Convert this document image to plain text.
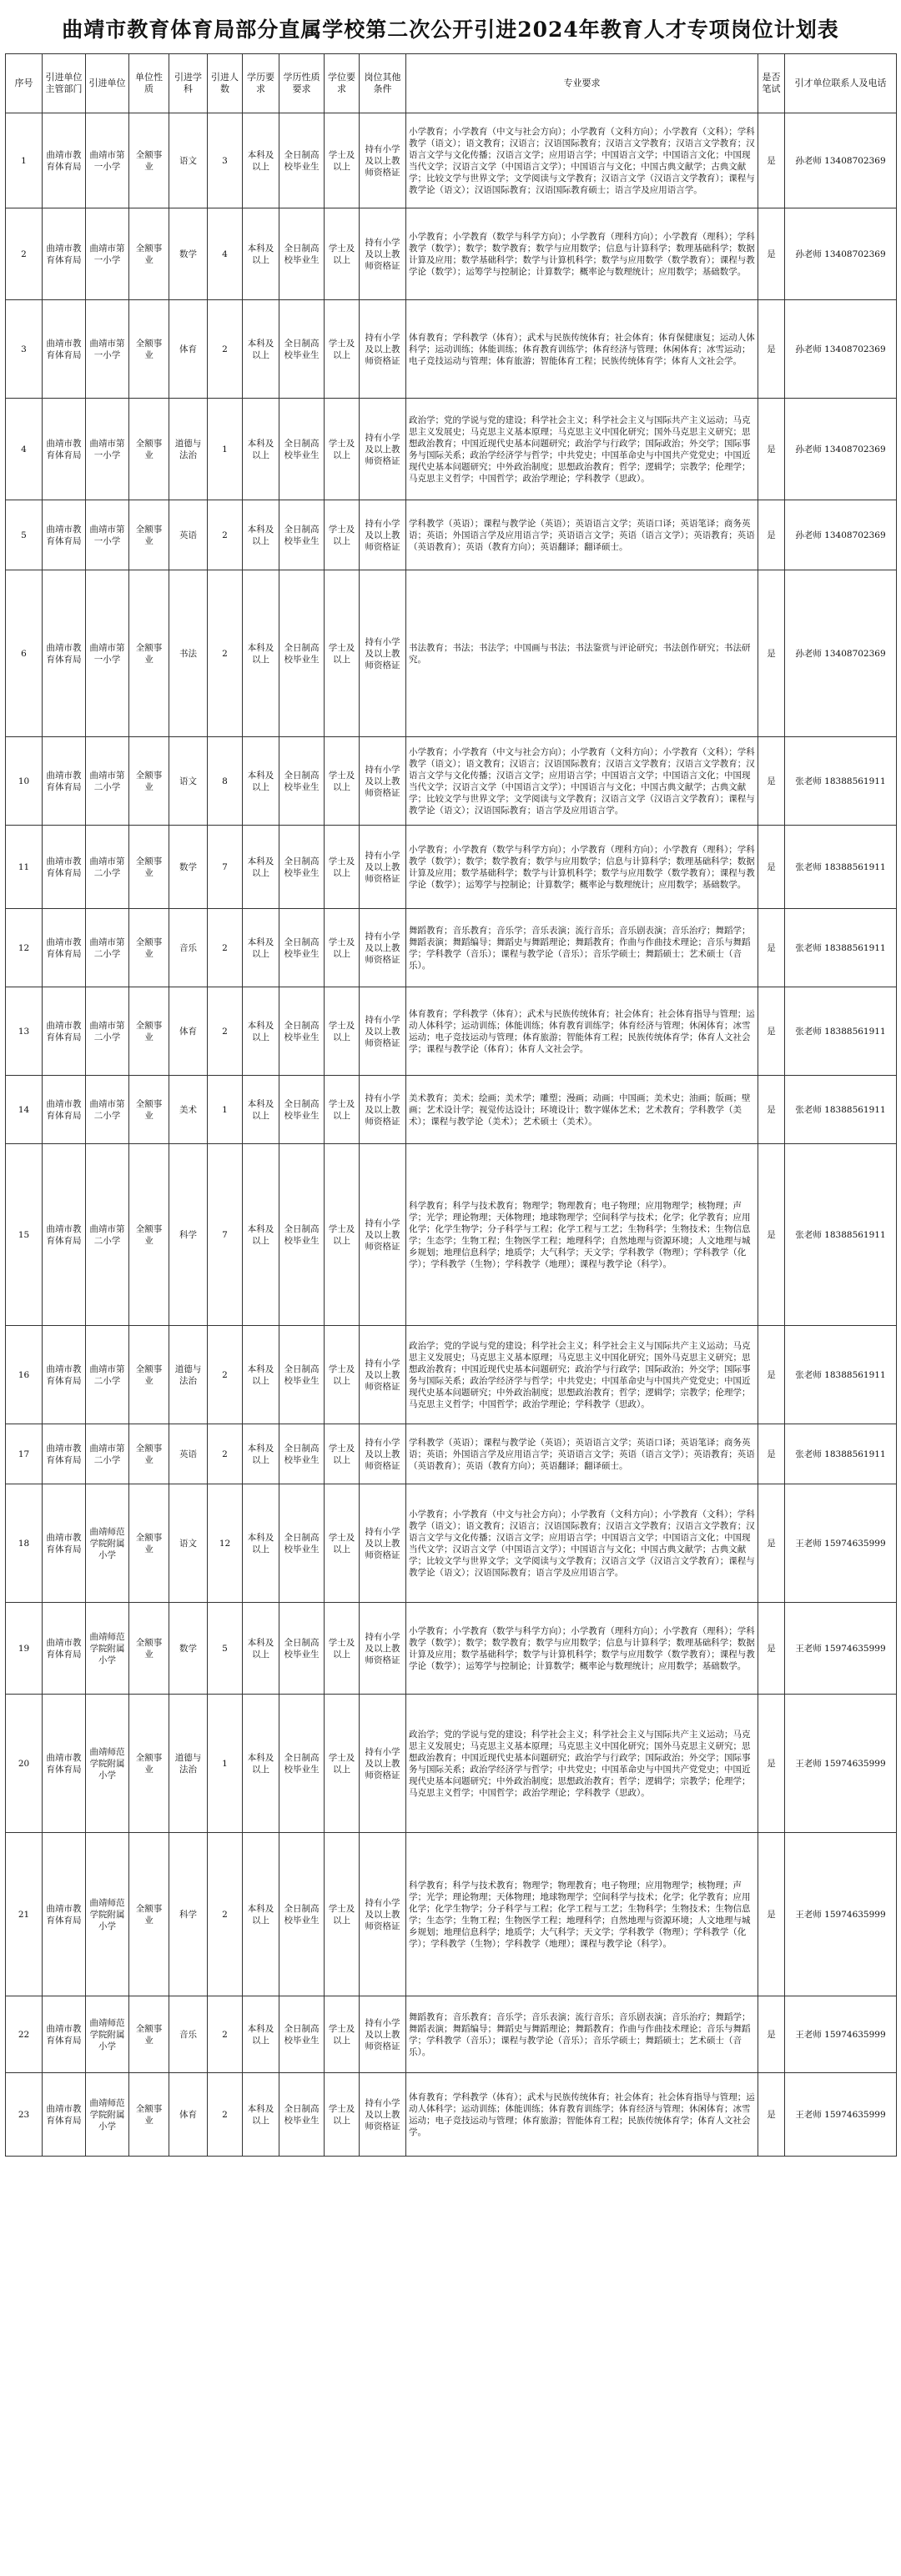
曲靖市教育体育局部分直属学校第二次公开引进2024年教育人才专项岗位计划表
序号	引进单位主管部门	引进单位	单位性质	引进学科	引进人数	学历要求	学历性质要求	学位要求	岗位其他条件	专业要求	是否笔试	引才单位联系人及电话
1	曲靖市教育体育局	曲靖市第一小学	全额事业	语文	3	本科及以上	全日制高校毕业生	学士及以上	持有小学及以上教师资格证	小学教育；小学教育（中文与社会方向）；小学教育（文科方向）；小学教育（文科）；学科教学（语文）；语文教育；汉语言；汉语国际教育；汉语言文学教育；汉语言文学教育；汉语言文学与文化传播；汉语言文学；应用语言学；中国语言文学；中国语言文化；中国现当代文学；汉语言文学（中国语言文学）；中国语言与文化；中国古典文献学；古典文献学；比较文学与世界文学；文学阅读与文学教育；汉语言文学（汉语言文学教育）；课程与教学论（语文）；汉语国际教育；汉语国际教育硕士；语言学及应用语言学。	是	孙老师 13408702369
2	曲靖市教育体育局	曲靖市第一小学	全额事业	数学	4	本科及以上	全日制高校毕业生	学士及以上	持有小学及以上教师资格证	小学教育；小学教育（数学与科学方向）；小学教育（理科方向）；小学教育（理科）；学科教学（数学）；数学；数学教育；数学与应用数学；信息与计算科学；数理基础科学；数据计算及应用；数学基础科学；数学与计算机科学；数学与应用数学（数学教育）；课程与教学论（数学）；运筹学与控制论；计算数学；概率论与数理统计；应用数学；基础数学。	是	孙老师 13408702369
3	曲靖市教育体育局	曲靖市第一小学	全额事业	体育	2	本科及以上	全日制高校毕业生	学士及以上	持有小学及以上教师资格证	体育教育；学科教学（体育）；武术与民族传统体育；社会体育；体育保健康复；运动人体科学；运动训练；体能训练；体育教育训练学；体育经济与管理；休闲体育；冰雪运动；电子竞技运动与管理；体育旅游；智能体育工程；民族传统体育学；体育人文社会学。	是	孙老师 13408702369
4	曲靖市教育体育局	曲靖市第一小学	全额事业	道德与法治	1	本科及以上	全日制高校毕业生	学士及以上	持有小学及以上教师资格证	政治学；党的学说与党的建设；科学社会主义；科学社会主义与国际共产主义运动；马克思主义发展史；马克思主义基本原理；马克思主义中国化研究；国外马克思主义研究；思想政治教育；中国近现代史基本问题研究；政治学与行政学；国际政治；外交学；国际事务与国际关系；政治学经济学与哲学；中共党史；中国革命史与中国共产党党史；中国近现代史基本问题研究；中外政治制度；思想政治教育；哲学；逻辑学；宗教学；伦理学；马克思主义哲学；中国哲学；政治学理论；学科教学（思政）。	是	孙老师 13408702369
5	曲靖市教育体育局	曲靖市第一小学	全额事业	英语	2	本科及以上	全日制高校毕业生	学士及以上	持有小学及以上教师资格证	学科教学（英语）；课程与教学论（英语）；英语语言文学；英语口译；英语笔译；商务英语；英语；外国语言学及应用语言学；英语语言文学；英语（语言文学）；英语教育；英语（英语教育）；英语（教育方向）；英语翻译；翻译硕士。	是	孙老师 13408702369
6	曲靖市教育体育局	曲靖市第一小学	全额事业	书法	2	本科及以上	全日制高校毕业生	学士及以上	持有小学及以上教师资格证	书法教育；书法；书法学；中国画与书法；书法鉴赏与评论研究；书法创作研究；书法研究。	是	孙老师 13408702369
10	曲靖市教育体育局	曲靖市第二小学	全额事业	语文	8	本科及以上	全日制高校毕业生	学士及以上	持有小学及以上教师资格证	小学教育；小学教育（中文与社会方向）；小学教育（文科方向）；小学教育（文科）；学科教学（语文）；语文教育；汉语言；汉语国际教育；汉语言文学教育；汉语言文学教育；汉语言文学与文化传播；汉语言文学；应用语言学；中国语言文学；中国语言文化；中国现当代文学；汉语言文学（中国语言文学）；中国语言与文化；中国古典文献学；古典文献学；比较文学与世界文学；文学阅读与文学教育；汉语言文学（汉语言文学教育）；课程与教学论（语文）；汉语国际教育；语言学及应用语言学。	是	张老师 18388561911
11	曲靖市教育体育局	曲靖市第二小学	全额事业	数学	7	本科及以上	全日制高校毕业生	学士及以上	持有小学及以上教师资格证	小学教育；小学教育（数学与科学方向）；小学教育（理科方向）；小学教育（理科）；学科教学（数学）；数学；数学教育；数学与应用数学；信息与计算科学；数理基础科学；数据计算及应用；数学基础科学；数学与计算机科学；数学与应用数学（数学教育）；课程与教学论（数学）；运筹学与控制论；计算数学；概率论与数理统计；应用数学；基础数学。	是	张老师 18388561911
12	曲靖市教育体育局	曲靖市第二小学	全额事业	音乐	2	本科及以上	全日制高校毕业生	学士及以上	持有小学及以上教师资格证	舞蹈教育；音乐教育；音乐学；音乐表演；流行音乐；音乐剧表演；音乐治疗；舞蹈学；舞蹈表演；舞蹈编导；舞蹈史与舞蹈理论；舞蹈教育；作曲与作曲技术理论；音乐与舞蹈学；学科教学（音乐）；课程与教学论（音乐）；音乐学硕士；舞蹈硕士；艺术硕士（音乐）。	是	张老师 18388561911
13	曲靖市教育体育局	曲靖市第二小学	全额事业	体育	2	本科及以上	全日制高校毕业生	学士及以上	持有小学及以上教师资格证	体育教育；学科教学（体育）；武术与民族传统体育；社会体育；社会体育指导与管理；运动人体科学；运动训练；体能训练；体育教育训练学；体育经济与管理；休闲体育；冰雪运动；电子竞技运动与管理；体育旅游；智能体育工程；民族传统体育学；体育人文社会学；课程与教学论（体育）；体育人文社会学。	是	张老师 18388561911
14	曲靖市教育体育局	曲靖市第二小学	全额事业	美术	1	本科及以上	全日制高校毕业生	学士及以上	持有小学及以上教师资格证	美术教育；美术；绘画；美术学；雕塑；漫画；动画；中国画；美术史；油画；版画；壁画；艺术设计学；视觉传达设计；环境设计；数字媒体艺术；艺术教育；学科教学（美术）；课程与教学论（美术）；艺术硕士（美术）。	是	张老师 18388561911
15	曲靖市教育体育局	曲靖市第二小学	全额事业	科学	7	本科及以上	全日制高校毕业生	学士及以上	持有小学及以上教师资格证	科学教育；科学与技术教育；物理学；物理教育；电子物理；应用物理学；核物理；声学；光学；理论物理；天体物理；地球物理学；空间科学与技术；化学；化学教育；应用化学；化学生物学；分子科学与工程；化学工程与工艺；生物科学；生物技术；生物信息学；生态学；生物工程；生物医学工程；地理科学；自然地理与资源环境；人文地理与城乡规划；地理信息科学；地质学；大气科学；天文学；学科教学（物理）；学科教学（化学）；学科教学（生物）；学科教学（地理）；课程与教学论（科学）。	是	张老师 18388561911
16	曲靖市教育体育局	曲靖市第二小学	全额事业	道德与法治	2	本科及以上	全日制高校毕业生	学士及以上	持有小学及以上教师资格证	政治学；党的学说与党的建设；科学社会主义；科学社会主义与国际共产主义运动；马克思主义发展史；马克思主义基本原理；马克思主义中国化研究；国外马克思主义研究；思想政治教育；中国近现代史基本问题研究；政治学与行政学；国际政治；外交学；国际事务与国际关系；政治学经济学与哲学；中共党史；中国革命史与中国共产党党史；中国近现代史基本问题研究；中外政治制度；思想政治教育；哲学；逻辑学；宗教学；伦理学；马克思主义哲学；中国哲学；政治学理论；学科教学（思政）。	是	张老师 18388561911
17	曲靖市教育体育局	曲靖市第二小学	全额事业	英语	2	本科及以上	全日制高校毕业生	学士及以上	持有小学及以上教师资格证	学科教学（英语）；课程与教学论（英语）；英语语言文学；英语口译；英语笔译；商务英语；英语；外国语言学及应用语言学；英语语言文学；英语（语言文学）；英语教育；英语（英语教育）；英语（教育方向）；英语翻译；翻译硕士。	是	张老师 18388561911
18	曲靖市教育体育局	曲靖师范学院附属小学	全额事业	语文	12	本科及以上	全日制高校毕业生	学士及以上	持有小学及以上教师资格证	小学教育；小学教育（中文与社会方向）；小学教育（文科方向）；小学教育（文科）；学科教学（语文）；语文教育；汉语言；汉语国际教育；汉语言文学教育；汉语言文学教育；汉语言文学与文化传播；汉语言文学；应用语言学；中国语言文学；中国语言文化；中国现当代文学；汉语言文学（中国语言文学）；中国语言与文化；中国古典文献学；古典文献学；比较文学与世界文学；文学阅读与文学教育；汉语言文学（汉语言文学教育）；课程与教学论（语文）；汉语国际教育；语言学及应用语言学。	是	王老师 15974635999
19	曲靖市教育体育局	曲靖师范学院附属小学	全额事业	数学	5	本科及以上	全日制高校毕业生	学士及以上	持有小学及以上教师资格证	小学教育；小学教育（数学与科学方向）；小学教育（理科方向）；小学教育（理科）；学科教学（数学）；数学；数学教育；数学与应用数学；信息与计算科学；数理基础科学；数据计算及应用；数学基础科学；数学与计算机科学；数学与应用数学（数学教育）；课程与教学论（数学）；运筹学与控制论；计算数学；概率论与数理统计；应用数学；基础数学。	是	王老师 15974635999
20	曲靖市教育体育局	曲靖师范学院附属小学	全额事业	道德与法治	1	本科及以上	全日制高校毕业生	学士及以上	持有小学及以上教师资格证	政治学；党的学说与党的建设；科学社会主义；科学社会主义与国际共产主义运动；马克思主义发展史；马克思主义基本原理；马克思主义中国化研究；国外马克思主义研究；思想政治教育；中国近现代史基本问题研究；政治学与行政学；国际政治；外交学；国际事务与国际关系；政治学经济学与哲学；中共党史；中国革命史与中国共产党党史；中国近现代史基本问题研究；中外政治制度；思想政治教育；哲学；逻辑学；宗教学；伦理学；马克思主义哲学；中国哲学；政治学理论；学科教学（思政）。	是	王老师 15974635999
21	曲靖市教育体育局	曲靖师范学院附属小学	全额事业	科学	2	本科及以上	全日制高校毕业生	学士及以上	持有小学及以上教师资格证	科学教育；科学与技术教育；物理学；物理教育；电子物理；应用物理学；核物理；声学；光学；理论物理；天体物理；地球物理学；空间科学与技术；化学；化学教育；应用化学；化学生物学；分子科学与工程；化学工程与工艺；生物科学；生物技术；生物信息学；生态学；生物工程；生物医学工程；地理科学；自然地理与资源环境；人文地理与城乡规划；地理信息科学；地质学；大气科学；天文学；学科教学（物理）；学科教学（化学）；学科教学（生物）；学科教学（地理）；课程与教学论（科学）。	是	王老师 15974635999
22	曲靖市教育体育局	曲靖师范学院附属小学	全额事业	音乐	2	本科及以上	全日制高校毕业生	学士及以上	持有小学及以上教师资格证	舞蹈教育；音乐教育；音乐学；音乐表演；流行音乐；音乐剧表演；音乐治疗；舞蹈学；舞蹈表演；舞蹈编导；舞蹈史与舞蹈理论；舞蹈教育；作曲与作曲技术理论；音乐与舞蹈学；学科教学（音乐）；课程与教学论（音乐）；音乐学硕士；舞蹈硕士；艺术硕士（音乐）。	是	王老师 15974635999
23	曲靖市教育体育局	曲靖师范学院附属小学	全额事业	体育	2	本科及以上	全日制高校毕业生	学士及以上	持有小学及以上教师资格证	体育教育；学科教学（体育）；武术与民族传统体育；社会体育；社会体育指导与管理；运动人体科学；运动训练；体能训练；体育教育训练学；体育经济与管理；休闲体育；冰雪运动；电子竞技运动与管理；体育旅游；智能体育工程；民族传统体育学；体育人文社会学。	是	王老师 15974635999
